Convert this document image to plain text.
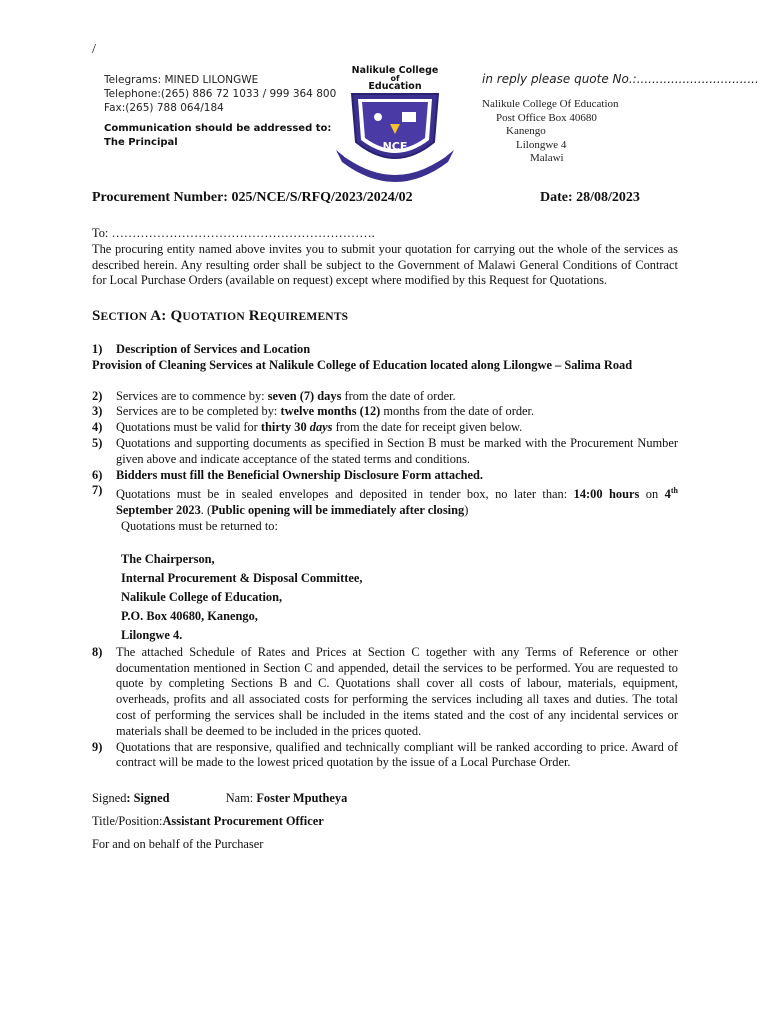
/
Telegrams: MINED LILONGWE
Telephone:(265) 886 72 1033 / 999 364 800
Fax:(265) 788 064/184
Communication should be addressed to:
The Principal
Nalikule College
of
Education
NCE
in reply please quote No.:................................
Nalikule College Of Education
Post Office Box 40680
Kanengo
Lilongwe 4
Malawi
Procurement Number: 025/NCE/S/RFQ/2023/2024/02	Date: 28/08/2023

To: ……………………………………………………….

The procuring entity named above invites you to submit your quotation for carrying out the whole of the services as described herein. Any resulting order shall be subject to the Government of Malawi General Conditions of Contract for Local Purchase Orders (available on request) except where modified by this Request for Quotations.

SECTION A: QUOTATION REQUIREMENTS
1)	Description of Services and Location

Provision of Cleaning Services at Nalikule College of Education located along Lilongwe – Salima Road

2)	Services are to commence by: seven (7) days from the date of order.
3)	Services are to be completed by: twelve months (12) months from the date of order.
4)	Quotations must be valid for thirty 30 days from the date for receipt given below.
5)	Quotations and supporting documents as specified in Section B must be marked with the Procurement Number given above and indicate acceptance of the stated terms and conditions.
6)	Bidders must fill the Beneficial Ownership Disclosure Form attached.
7)	Quotations must be in sealed envelopes and deposited in tender box, no later than: 14:00 hours on 4th September 2023. (Public opening will be immediately after closing)

Quotations must be returned to:

The Chairperson,
Internal Procurement & Disposal Committee,
Nalikule College of Education,
P.O. Box 40680, Kanengo,
Lilongwe 4.
8)	The attached Schedule of Rates and Prices at Section C together with any Terms of Reference or other documentation mentioned in Section C and appended, detail the services to be performed. You are requested to quote by completing Sections B and C. Quotations shall cover all costs of labour, materials, equipment, overheads, profits and all associated costs for performing the services including all taxes and duties. The total cost of performing the services shall be included in the items stated and the cost of any incidental services or materials shall be deemed to be included in the prices quoted.
9)	Quotations that are responsive, qualified and technically compliant will be ranked according to price. Award of contract will be made to the lowest priced quotation by the issue of a Local Purchase Order.
Signed: Signed	Nam: Foster Mputheya
Title/Position:Assistant Procurement Officer
For and on behalf of the Purchaser
